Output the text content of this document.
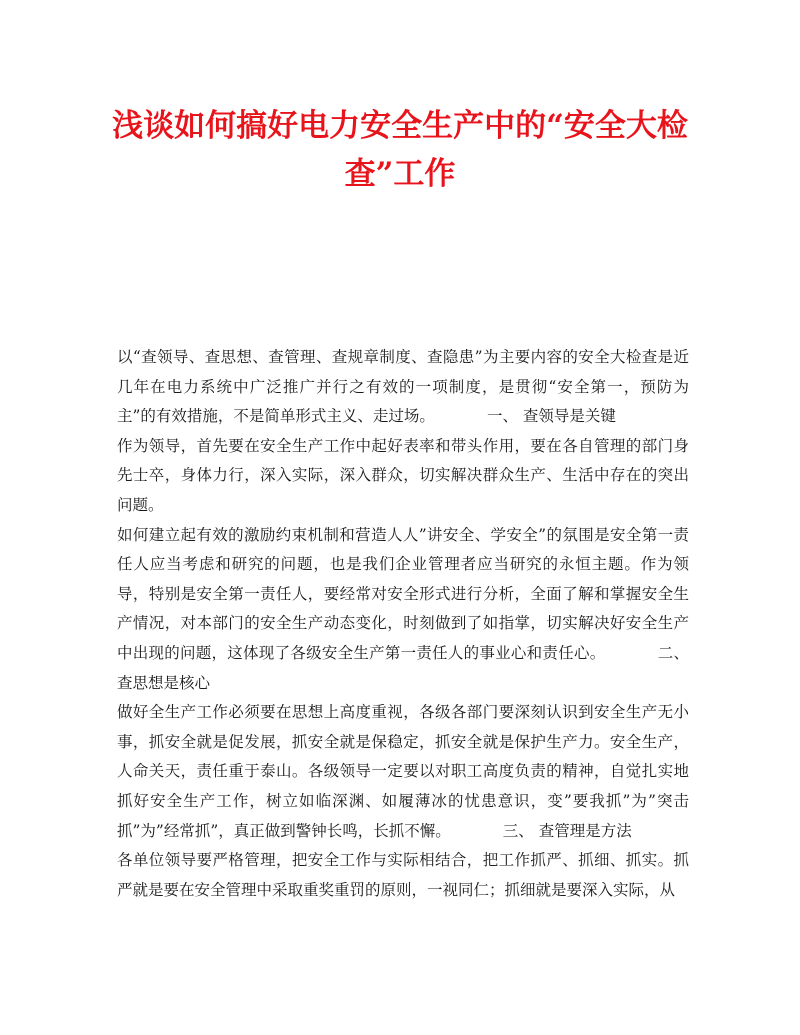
浅谈如何搞好电力安全生产中的“安全大检查”工作

以“查领导、查思想、查管理、查规章制度、查隐患”为主要内容的安全大检查是近几年在电力系统中广泛推广并行之有效的一项制度，是贯彻“安全第一，预防为主”的有效措施，不是简单形式主义、走过场。	一、 查领导是关键

作为领导，首先要在安全生产工作中起好表率和带头作用，要在各自管理的部门身先士卒，身体力行，深入实际，深入群众，切实解决群众生产、生活中存在的突出问题。

如何建立起有效的激励约束机制和营造人人”讲安全、学安全”的氛围是安全第一责任人应当考虑和研究的问题，也是我们企业管理者应当研究的永恒主题。作为领导，特别是安全第一责任人，要经常对安全形式进行分析，全面了解和掌握安全生产情况，对本部门的安全生产动态变化，时刻做到了如指掌，切实解决好安全生产中出现的问题，这体现了各级安全生产第一责任人的事业心和责任心。	二、 查思想是核心

做好全生产工作必须要在思想上高度重视，各级各部门要深刻认识到安全生产无小事，抓安全就是促发展，抓安全就是保稳定，抓安全就是保护生产力。安全生产，人命关天，责任重于泰山。各级领导一定要以对职工高度负责的精神，自觉扎实地抓好安全生产工作，树立如临深渊、如履薄冰的忧患意识，变”要我抓”为”突击抓”为”经常抓”，真正做到警钟长鸣，长抓不懈。	三、 查管理是方法

各单位领导要严格管理，把安全工作与实际相结合，把工作抓严、抓细、抓实。抓严就是要在安全管理中采取重奖重罚的原则，一视同仁；抓细就是要深入实际，从
